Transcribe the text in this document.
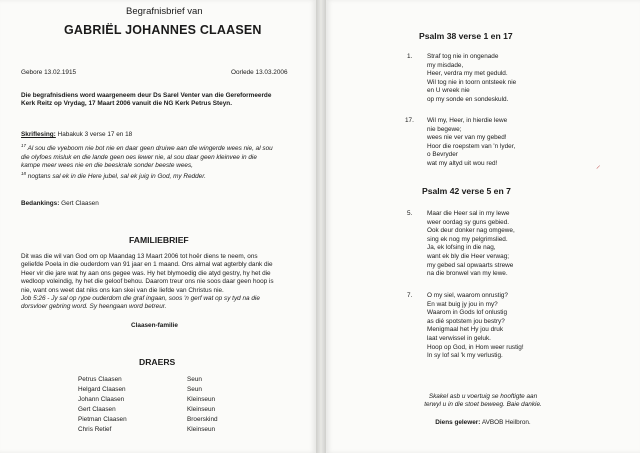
Begrafnisbrief van
GABRIËL JOHANNES CLAASEN
Gebore 13.02.1915	Oorlede 13.03.2006
Die begrafnisdiens word waargeneem deur Ds Sarel Venter van die Gereformeerde
Kerk Reitz op Vrydag, 17 Maart 2006 vanuit die NG Kerk Petrus Steyn.
Skriflesing: Habakuk 3 verse 17 en 18
$^{17}$ Al sou die vyeboom nie bot nie en daar geen druiwe aan die wingerde wees nie, al sou
die olyfoes misluk en die lande geen oes lewer nie, al sou daar geen kleinvee in die
kampe meer wees nie en die beeskrale sonder beeste wees,
$^{18}$ nogtans sal ek in die Here jubel, sal ek juig in God, my Redder.
Bedankings: Gert Claasen
FAMILIEBRIEF
Dit was die wil van God om op Maandag 13 Maart 2006 tot hoër diens te neem, ons
geliefde Poela in die ouderdom van 91 jaar en 1 maand. Ons almal wat agterbly dank die
Heer vir die jare wat hy aan ons gegee was. Hy het blymoedig die atyd gestry, hy het die
wedloop voleindig, hy het die geloof behou. Daarom treur ons nie soos daar geen hoop is
nie, want ons weet dat niks ons kan skei van die liefde van Christus nie.
Job 5:26 - Jy sal op rype ouderdom die graf ingaan, soos 'n gerf wat op sy tyd na die
dorsvloer gebring word. Sy heengaan word betreur.
Claasen-familie
DRAERS
Petrus Claasen	Seun
Helgard Claasen	Seun
Johann Claasen	Kleinseun
Gert Claasen	Kleinseun
Pietman Claasen	Broerskind
Chris Retief	Kleinseun
Psalm 38 verse 1 en 17
1. Straf tog nie in ongenade
my misdade,
Heer, verdra my met geduld.
Wil tog nie in toorn ontsteek nie
en U wreek nie
op my sonde en sondeskuld.
17. Wil my, Heer, in hierdie lewe
nie begewe;
wees nie ver van my gebed!
Hoor die roepstem van 'n lyder,
o Bevryder
wat my altyd uit wou red!	⸝
Psalm 42 verse 5 en 7
5. Maar die Heer sal in my lewe
weer oordag sy guns gebied.
Ook deur donker nag omgewe,
sing ek nog my pelgrimslied.
Ja, ek lofsing in die nag,
want ek bly die Heer verwag;
my gebed sal opwaarts strewe
na die bronwel van my lewe.
7. O my siel, waarom onrustig?
En wat buig jy jou in my?
Waarom in Gods lof onlustig
as dié spotstem jou bestry?
Menigmaal het Hy jou druk
laat verwissel in geluk.
Hoop op God, in Hom weer rustig!
In sy lof sal 'k my verlustig.
Skakel asb u voertuig se hooftigte aan
terwyl u in die stoet beweeg. Baie dankie.
Diens gelewer: AVBOB Heilbron.
